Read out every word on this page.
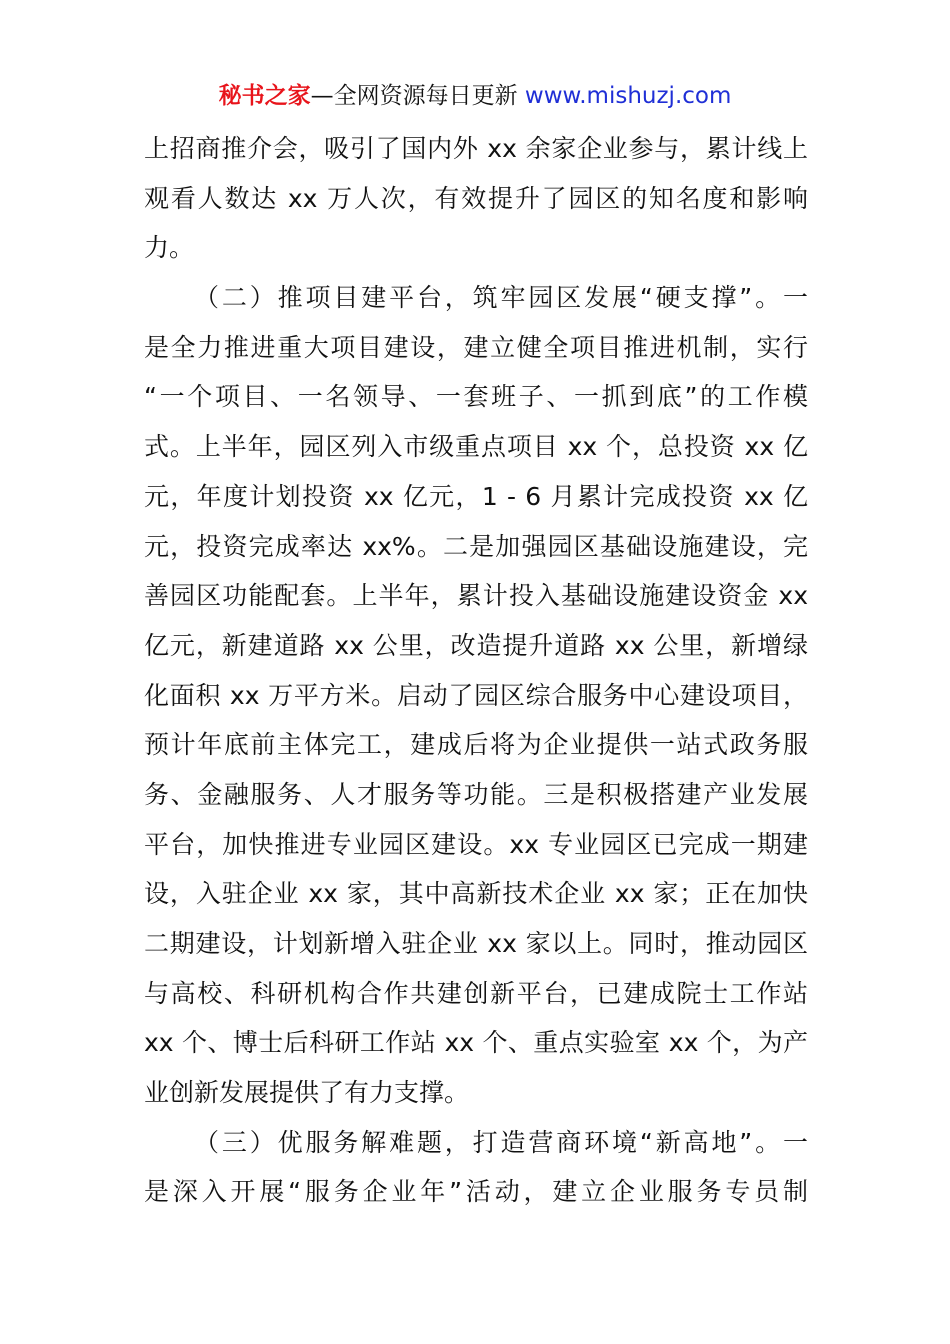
秘书之家—全网资源每日更新 www.mishuzj.com
上招商推介会，吸引了国内外 xx 余家企业参与，累计线上
观看人数达 xx 万人次，有效提升了园区的知名度和影响
力。
（二）推项目建平台，筑牢园区发展“硬支撑”。一
是全力推进重大项目建设，建立健全项目推进机制，实行
“一个项目、一名领导、一套班子、一抓到底”的工作模
式。上半年，园区列入市级重点项目 xx 个，总投资 xx 亿
元，年度计划投资 xx 亿元，1 - 6 月累计完成投资 xx 亿
元，投资完成率达 xx%。二是加强园区基础设施建设，完
善园区功能配套。上半年，累计投入基础设施建设资金 xx
亿元，新建道路 xx 公里，改造提升道路 xx 公里，新增绿
化面积 xx 万平方米。启动了园区综合服务中心建设项目，
预计年底前主体完工，建成后将为企业提供一站式政务服
务、金融服务、人才服务等功能。三是积极搭建产业发展
平台，加快推进专业园区建设。xx 专业园区已完成一期建
设，入驻企业 xx 家，其中高新技术企业 xx 家；正在加快
二期建设，计划新增入驻企业 xx 家以上。同时，推动园区
与高校、科研机构合作共建创新平台，已建成院士工作站
xx 个、博士后科研工作站 xx 个、重点实验室 xx 个，为产
业创新发展提供了有力支撑。
（三）优服务解难题，打造营商环境“新高地”。一
是深入开展“服务企业年”活动，建立企业服务专员制
